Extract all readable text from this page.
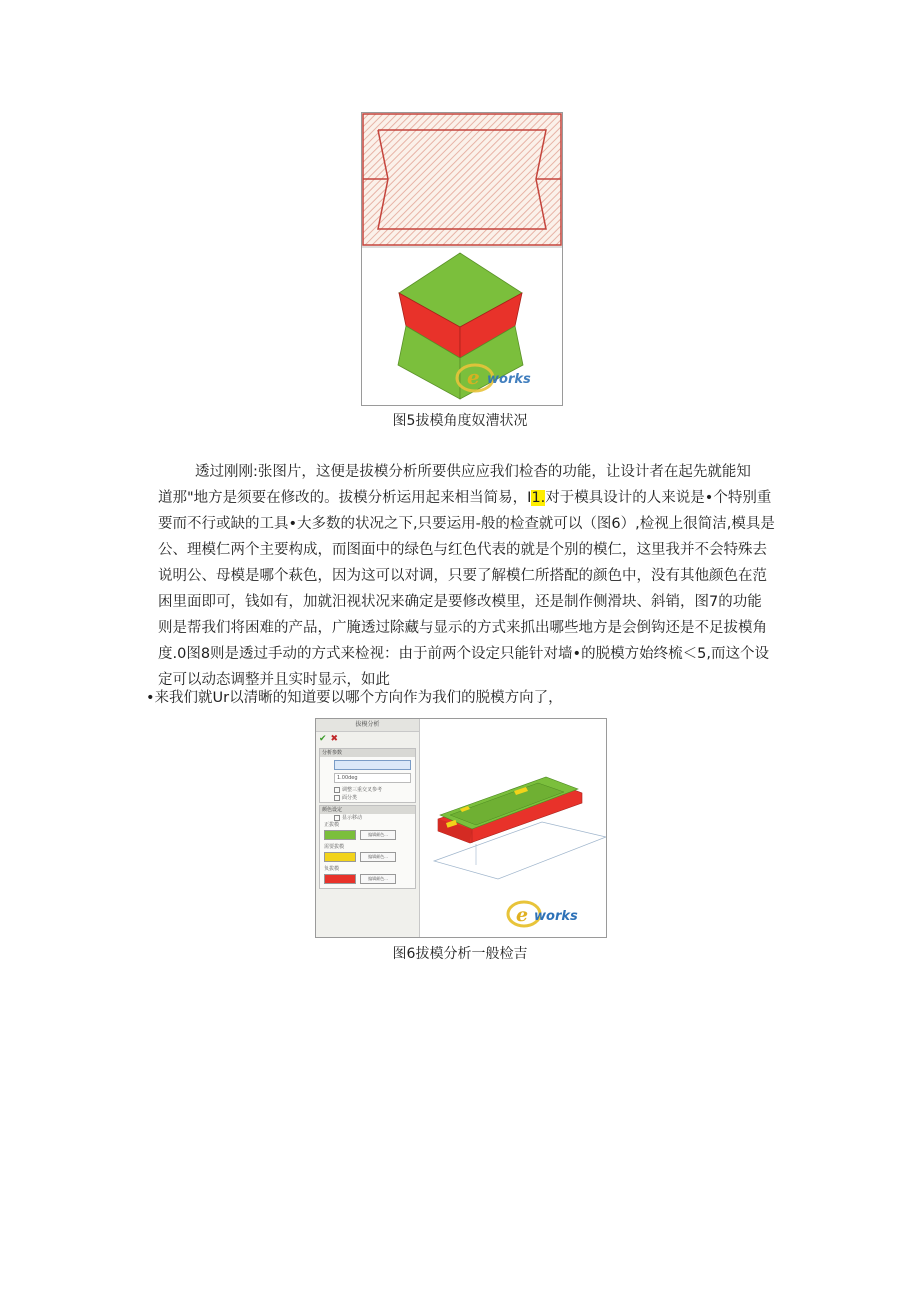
e works
图5拔模角度奴漕状况
透过刚刚:张图片，这便是拔模分析所要供应应我们检杳的功能，让设计者在起先就能知
道那"地方是须要在修改的。拔模分析运用起来相当简易，I1.对于模具设计的人来说是•个特别重
要而不行或缺的工具•大多数的状况之下,只要运用-般的检查就可以（图6）,检视上很简洁,模具是
公、理模仁两个主要构成，而图面中的绿色与红色代表的就是个别的模仁，这里我并不会特殊去
说明公、母模是哪个萩色，因为这可以对调，只要了解模仁所搭配的颜色中，没有其他颜色在范
困里面即可，钱如有，加就汨视状况来确定是要修改模里，还是制作侧滑块、斜销，图7的功能
则是帮我们将困难的产品，广腌透过除藏与显示的方式来抓出哪些地方是会倒钩还是不足拔模角
度.0图8则是透过手动的方式来检视：由于前两个设定只能针对墙•的脱模方始终梳＜5,而这个设
定可以动态调整并且实时显示，如此
•来我们就Ur以清晰的知道要以哪个方向作为我们的脱模方向了，
拔模分析
✔ ✖
分析参数
1.00deg
调整三重交叉参考
面分类
颜色设定
显示移动
正拔模
编辑颜色...
需要拔模
编辑颜色...
负拔模
编辑颜色...
e works
图6拔模分析一般检吉
